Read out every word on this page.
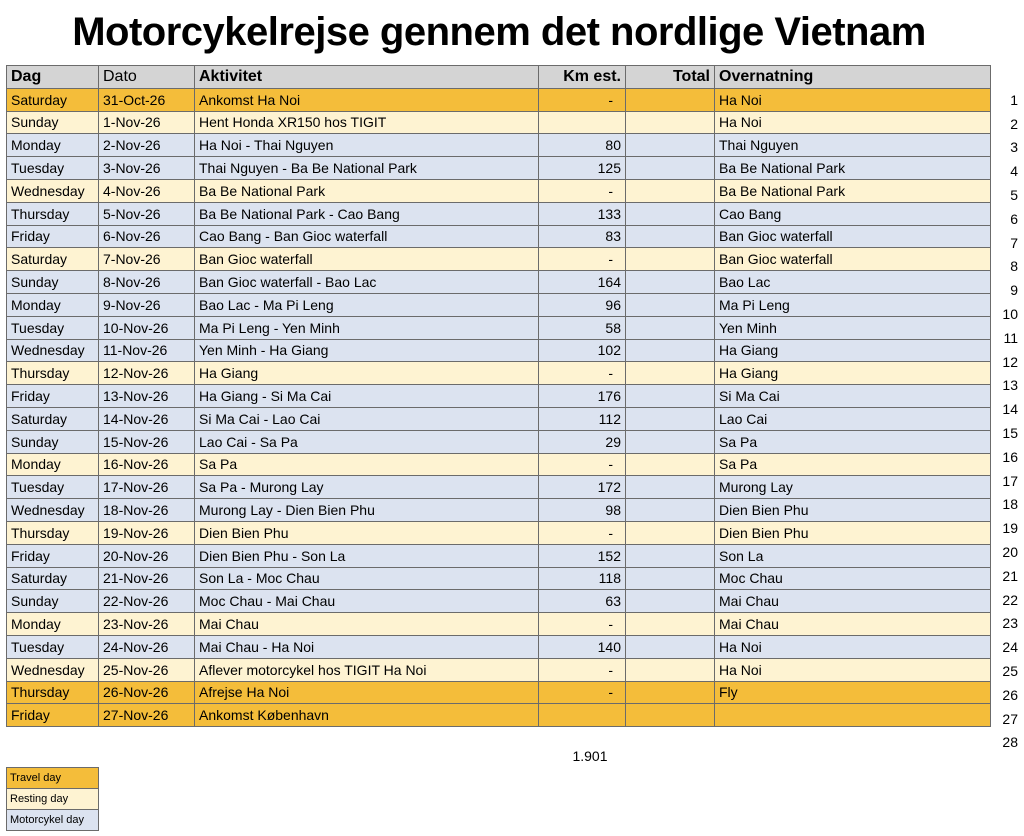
Motorcykelrejse gennem det nordlige Vietnam
Dag	Dato	Aktivitet	Km est.	Total	Overnatning
Saturday	31-Oct-26	Ankomst Ha Noi	-		Ha Noi
Sunday	1-Nov-26	Hent Honda XR150 hos TIGIT			Ha Noi
Monday	2-Nov-26	Ha Noi - Thai Nguyen	80		Thai Nguyen
Tuesday	3-Nov-26	Thai Nguyen - Ba Be National Park	125		Ba Be National Park
Wednesday	4-Nov-26	Ba Be National Park	-		Ba Be National Park
Thursday	5-Nov-26	Ba Be National Park - Cao Bang	133		Cao Bang
Friday	6-Nov-26	Cao Bang - Ban Gioc waterfall	83		Ban Gioc waterfall
Saturday	7-Nov-26	Ban Gioc waterfall	-		Ban Gioc waterfall
Sunday	8-Nov-26	Ban Gioc waterfall - Bao Lac	164		Bao Lac
Monday	9-Nov-26	Bao Lac - Ma Pi Leng	96		Ma Pi Leng
Tuesday	10-Nov-26	Ma Pi Leng - Yen Minh	58		Yen Minh
Wednesday	11-Nov-26	Yen Minh - Ha Giang	102		Ha Giang
Thursday	12-Nov-26	Ha Giang	-		Ha Giang
Friday	13-Nov-26	Ha Giang - Si Ma Cai	176		Si Ma Cai
Saturday	14-Nov-26	Si Ma Cai - Lao Cai	112		Lao Cai
Sunday	15-Nov-26	Lao Cai - Sa Pa	29		Sa Pa
Monday	16-Nov-26	Sa Pa	-		Sa Pa
Tuesday	17-Nov-26	Sa Pa - Murong Lay	172		Murong Lay
Wednesday	18-Nov-26	Murong Lay - Dien Bien Phu	98		Dien Bien Phu
Thursday	19-Nov-26	Dien Bien Phu	-		Dien Bien Phu
Friday	20-Nov-26	Dien Bien Phu - Son La	152		Son La
Saturday	21-Nov-26	Son La - Moc Chau	118		Moc Chau
Sunday	22-Nov-26	Moc Chau - Mai Chau	63		Mai Chau
Monday	23-Nov-26	Mai Chau	-		Mai Chau
Tuesday	24-Nov-26	Mai Chau - Ha Noi	140		Ha Noi
Wednesday	25-Nov-26	Aflever motorcykel hos TIGIT Ha Noi	-		Ha Noi
Thursday	26-Nov-26	Afrejse Ha Noi	-		Fly
Friday	27-Nov-26	Ankomst København			
1
2
3
4
5
6
7
8
9
10
11
12
13
14
15
16
17
18
19
20
21
22
23
24
25
26
27
28
1.901
Travel day
Resting day
Motorcykel day
